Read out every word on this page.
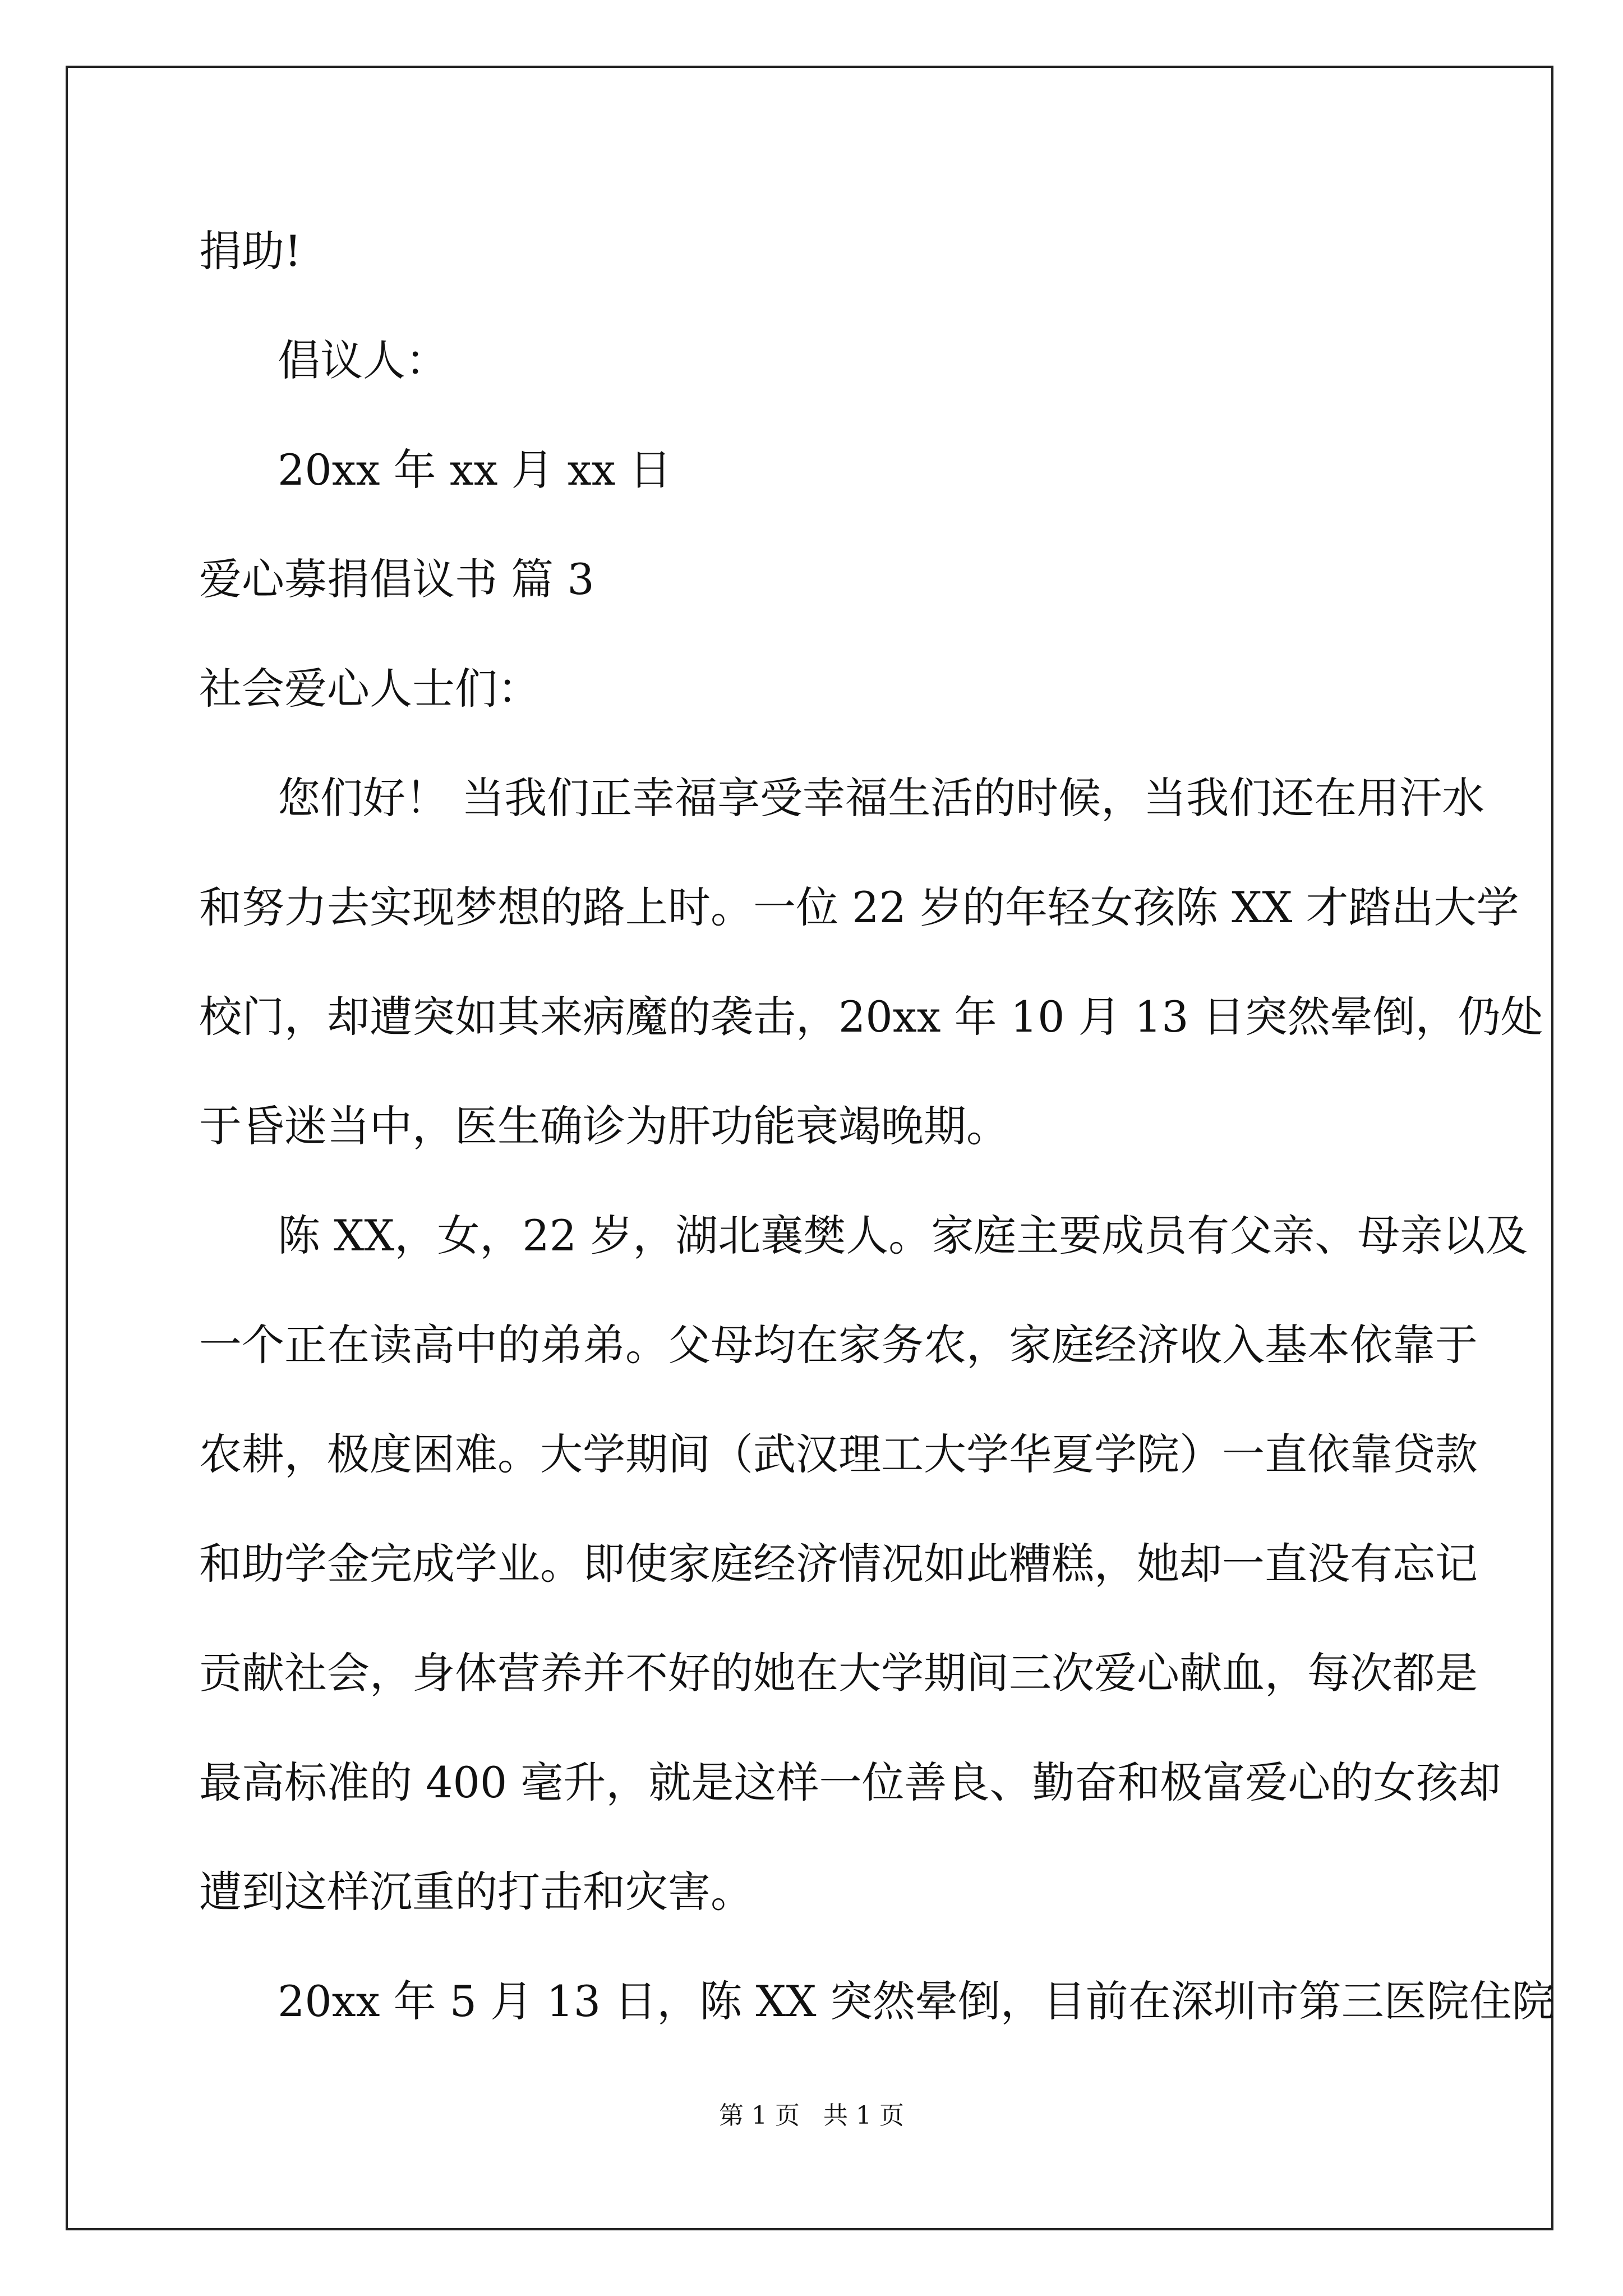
捐助!
倡议人：
20xx 年 xx 月 xx 日
爱心募捐倡议书 篇 3
社会爱心人士们：
您们好！ 当我们正幸福享受幸福生活的时候，当我们还在用汗水
和努力去实现梦想的路上时。一位 22 岁的年轻女孩陈 XX 才踏出大学
校门，却遭突如其来病魔的袭击，20xx 年 10 月 13 日突然晕倒，仍处
于昏迷当中，医生确诊为肝功能衰竭晚期。
陈 XX，女，22 岁，湖北襄樊人。家庭主要成员有父亲、母亲以及
一个正在读高中的弟弟。父母均在家务农，家庭经济收入基本依靠于
农耕，极度困难。大学期间（武汉理工大学华夏学院）一直依靠贷款
和助学金完成学业。即使家庭经济情况如此糟糕，她却一直没有忘记
贡献社会，身体营养并不好的她在大学期间三次爱心献血，每次都是
最高标准的 400 毫升，就是这样一位善良、勤奋和极富爱心的女孩却
遭到这样沉重的打击和灾害。
20xx 年 5 月 13 日，陈 XX 突然晕倒，目前在深圳市第三医院住院
第 1 页   共 1 页
